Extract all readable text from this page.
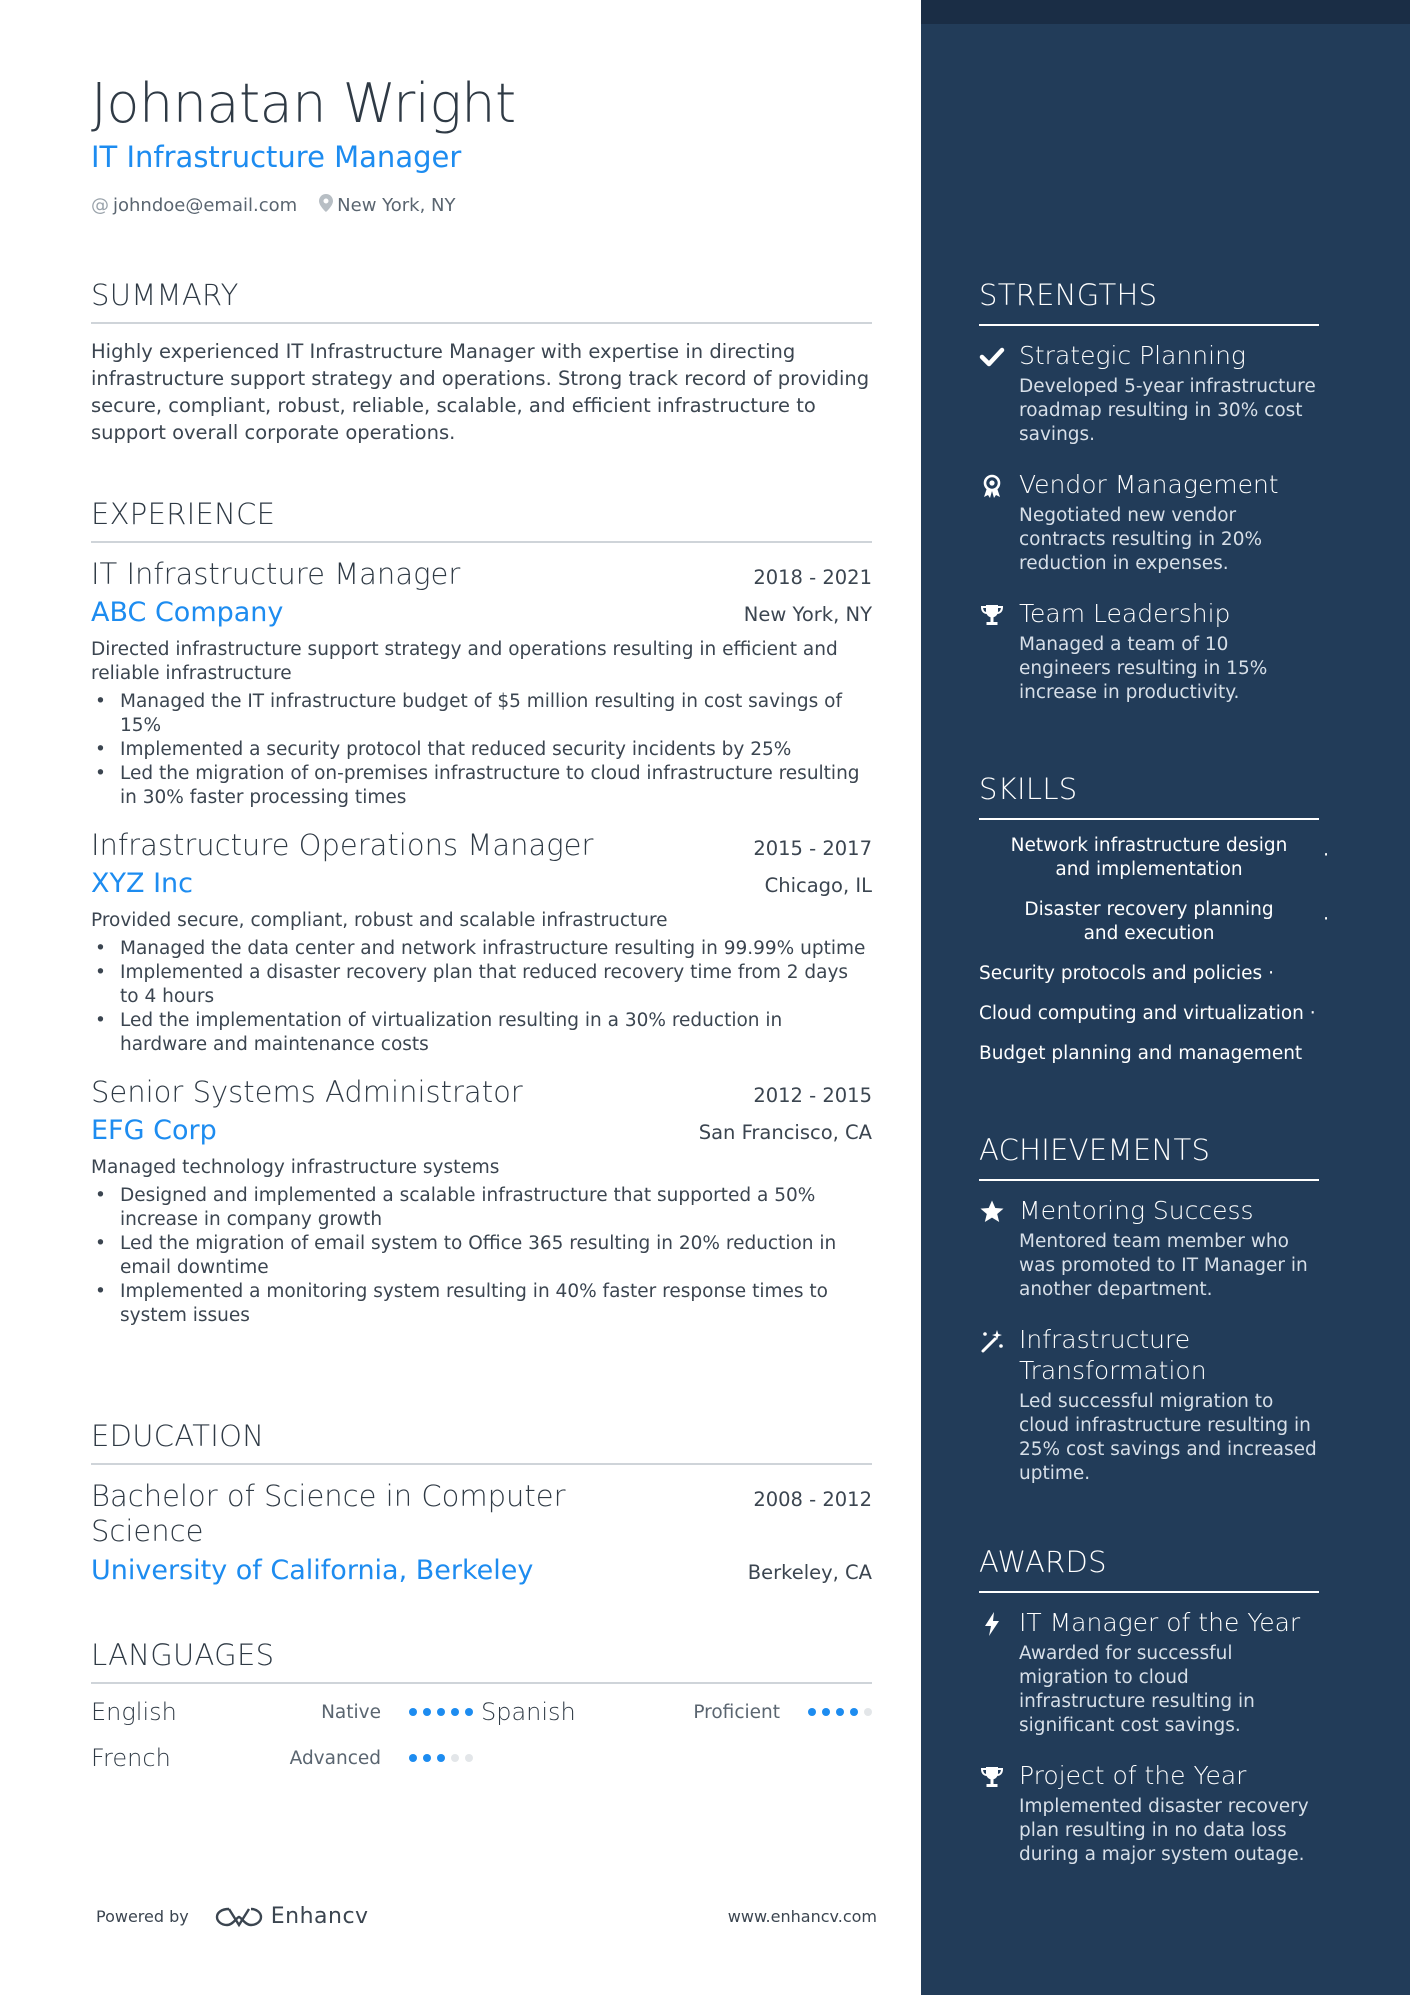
Johnatan Wright
IT Infrastructure Manager
@ johndoe@email.com New York, NY
SUMMARY
Highly experienced IT Infrastructure Manager with expertise in directing infrastructure support strategy and operations. Strong track record of providing secure, compliant, robust, reliable, scalable, and efficient infrastructure to support overall corporate operations.
EXPERIENCE
IT Infrastructure Manager	2018 - 2021
ABC Company	New York, NY
Directed infrastructure support strategy and operations resulting in efficient and reliable infrastructure
• Managed the IT infrastructure budget of $5 million resulting in cost savings of 15%
• Implemented a security protocol that reduced security incidents by 25%
• Led the migration of on-premises infrastructure to cloud infrastructure resulting in 30% faster processing times
Infrastructure Operations Manager	2015 - 2017
XYZ Inc	Chicago, IL
Provided secure, compliant, robust and scalable infrastructure
• Managed the data center and network infrastructure resulting in 99.99% uptime
• Implemented a disaster recovery plan that reduced recovery time from 2 days to 4 hours
• Led the implementation of virtualization resulting in a 30% reduction in hardware and maintenance costs
Senior Systems Administrator	2012 - 2015
EFG Corp	San Francisco, CA
Managed technology infrastructure systems
• Designed and implemented a scalable infrastructure that supported a 50% increase in company growth
• Led the migration of email system to Office 365 resulting in 20% reduction in email downtime
• Implemented a monitoring system resulting in 40% faster response times to system issues
EDUCATION
Bachelor of Science in Computer Science
2008 - 2012
University of California, Berkeley	Berkeley, CA
LANGUAGES
English	Native	Spanish	Proficient
French	Advanced
Powered by	Enhancv	www.enhancv.com
STRENGTHS
Strategic Planning
Developed 5-year infrastructure roadmap resulting in 30% cost savings.
Vendor Management
Negotiated new vendor contracts resulting in 20% reduction in expenses.
Team Leadership
Managed a team of 10 engineers resulting in 15% increase in productivity.
SKILLS
Network infrastructure design and implementation
·
Disaster recovery planning and execution
·
Security protocols and policies ·
Cloud computing and virtualization ·
Budget planning and management
ACHIEVEMENTS
Mentoring Success
Mentored team member who was promoted to IT Manager in another department.
Infrastructure Transformation
Led successful migration to cloud infrastructure resulting in 25% cost savings and increased uptime.
AWARDS
IT Manager of the Year
Awarded for successful migration to cloud infrastructure resulting in significant cost savings.
Project of the Year
Implemented disaster recovery plan resulting in no data loss during a major system outage.
